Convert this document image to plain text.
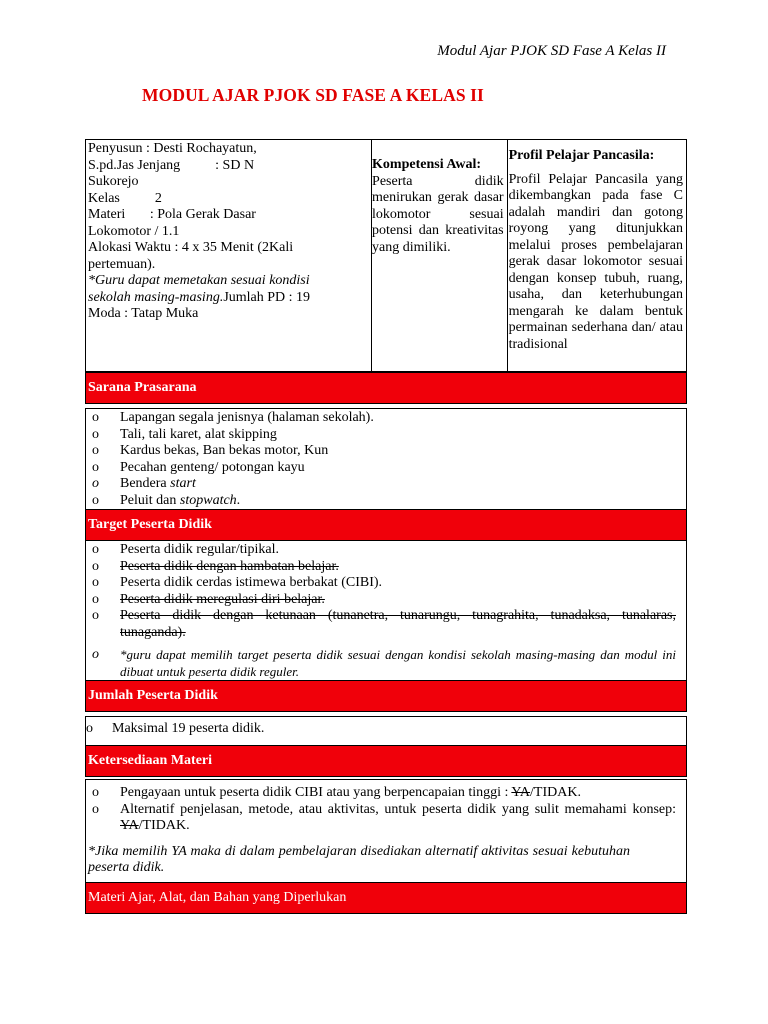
Modul Ajar PJOK SD Fase A Kelas II
MODUL AJAR PJOK SD FASE A KELAS II
Penyusun : Desti Rochayatun,
S.pd.Jas Jenjang          : SD N
Sukorejo
Kelas          2
Materi       : Pola Gerak Dasar
Lokomotor / 1.1
Alokasi Waktu : 4 x 35 Menit (2Kali
pertemuan).
*Guru dapat memetakan sesuai kondisi
sekolah masing-masing.Jumlah PD : 19
Moda : Tatap Muka
Kompetensi Awal:
Peserta didik menirukan gerak dasar lokomotor sesuai potensi dan kreativitas yang dimiliki.
Profil Pelajar Pancasila:
Profil Pelajar Pancasila yang dikembangkan pada fase C adalah mandiri dan gotong royong yang ditunjukkan melalui proses pembelajaran gerak dasar lokomotor sesuai dengan konsep tubuh, ruang, usaha, dan keterhubungan mengarah ke dalam bentuk permainan sederhana dan/ atau tradisional
Sarana Prasarana
o Lapangan segala jenisnya (halaman sekolah).
o Tali, tali karet, alat skipping
o Kardus bekas, Ban bekas motor, Kun
o Pecahan genteng/ potongan kayu
o Bendera start
o Peluit dan stopwatch.
Target Peserta Didik
o Peserta didik regular/tipikal.
o Peserta didik dengan hambatan belajar.
o Peserta didik cerdas istimewa berbakat (CIBI).
o Peserta didik meregulasi diri belajar.
o Peserta didik dengan ketunaan (tunanetra, tunarungu, tunagrahita, tunadaksa, tunalaras, tunaganda).
o *guru dapat memilih target peserta didik sesuai dengan kondisi sekolah masing-masing dan modul ini dibuat untuk peserta didik reguler.
Jumlah Peserta Didik
o Maksimal 19 peserta didik.
Ketersediaan Materi
o Pengayaan untuk peserta didik CIBI atau yang berpencapaian tinggi : YA/TIDAK.
o Alternatif penjelasan, metode, atau aktivitas, untuk peserta didik yang sulit memahami konsep: YA/TIDAK.
*Jika memilih YA maka di dalam pembelajaran disediakan alternatif aktivitas sesuai kebutuhan peserta didik.
Materi Ajar, Alat, dan Bahan yang Diperlukan
